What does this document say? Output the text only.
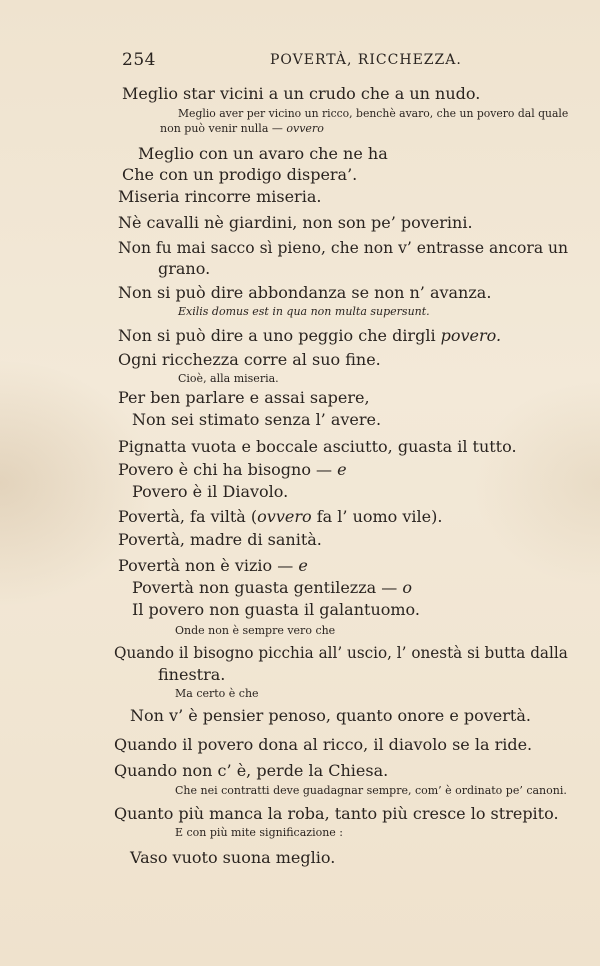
254	POVERTÀ, RICCHEZZA.
Meglio star vicini a un crudo che a un nudo.
Meglio aver per vicino un ricco, benchè avaro, che un povero dal quale
non può venir nulla — ovvero
Meglio con un avaro che ne ha
Che con un prodigo dispera’.
Miseria rincorre miseria.
Nè cavalli nè giardini, non son pe’ poverini.
Non fu mai sacco sì pieno, che non v’ entrasse ancora un
grano.
Non si può dire abbondanza se non n’ avanza.
Exilis domus est in qua non multa supersunt.
Non si può dire a uno peggio che dirgli povero.
Ogni ricchezza corre al suo fine.
Cioè, alla miseria.
Per ben parlare e assai sapere,
Non sei stimato senza l’ avere.
Pignatta vuota e boccale asciutto, guasta il tutto.
Povero è chi ha bisogno — e
Povero è il Diavolo.
Povertà, fa viltà (ovvero fa l’ uomo vile).
Povertà, madre di sanità.
Povertà non è vizio — e
Povertà non guasta gentilezza — o
Il povero non guasta il galantuomo.
Onde non è sempre vero che
Quando il bisogno picchia all’ uscio, l’ onestà si butta dalla
finestra.
Ma certo è che
Non v’ è pensier penoso, quanto onore e povertà.
Quando il povero dona al ricco, il diavolo se la ride.
Quando non c’ è, perde la Chiesa.
Che nei contratti deve guadagnar sempre, com’ è ordinato pe’ canoni.
Quanto più manca la roba, tanto più cresce lo strepito.
E con più mite significazione :
Vaso vuoto suona meglio.
